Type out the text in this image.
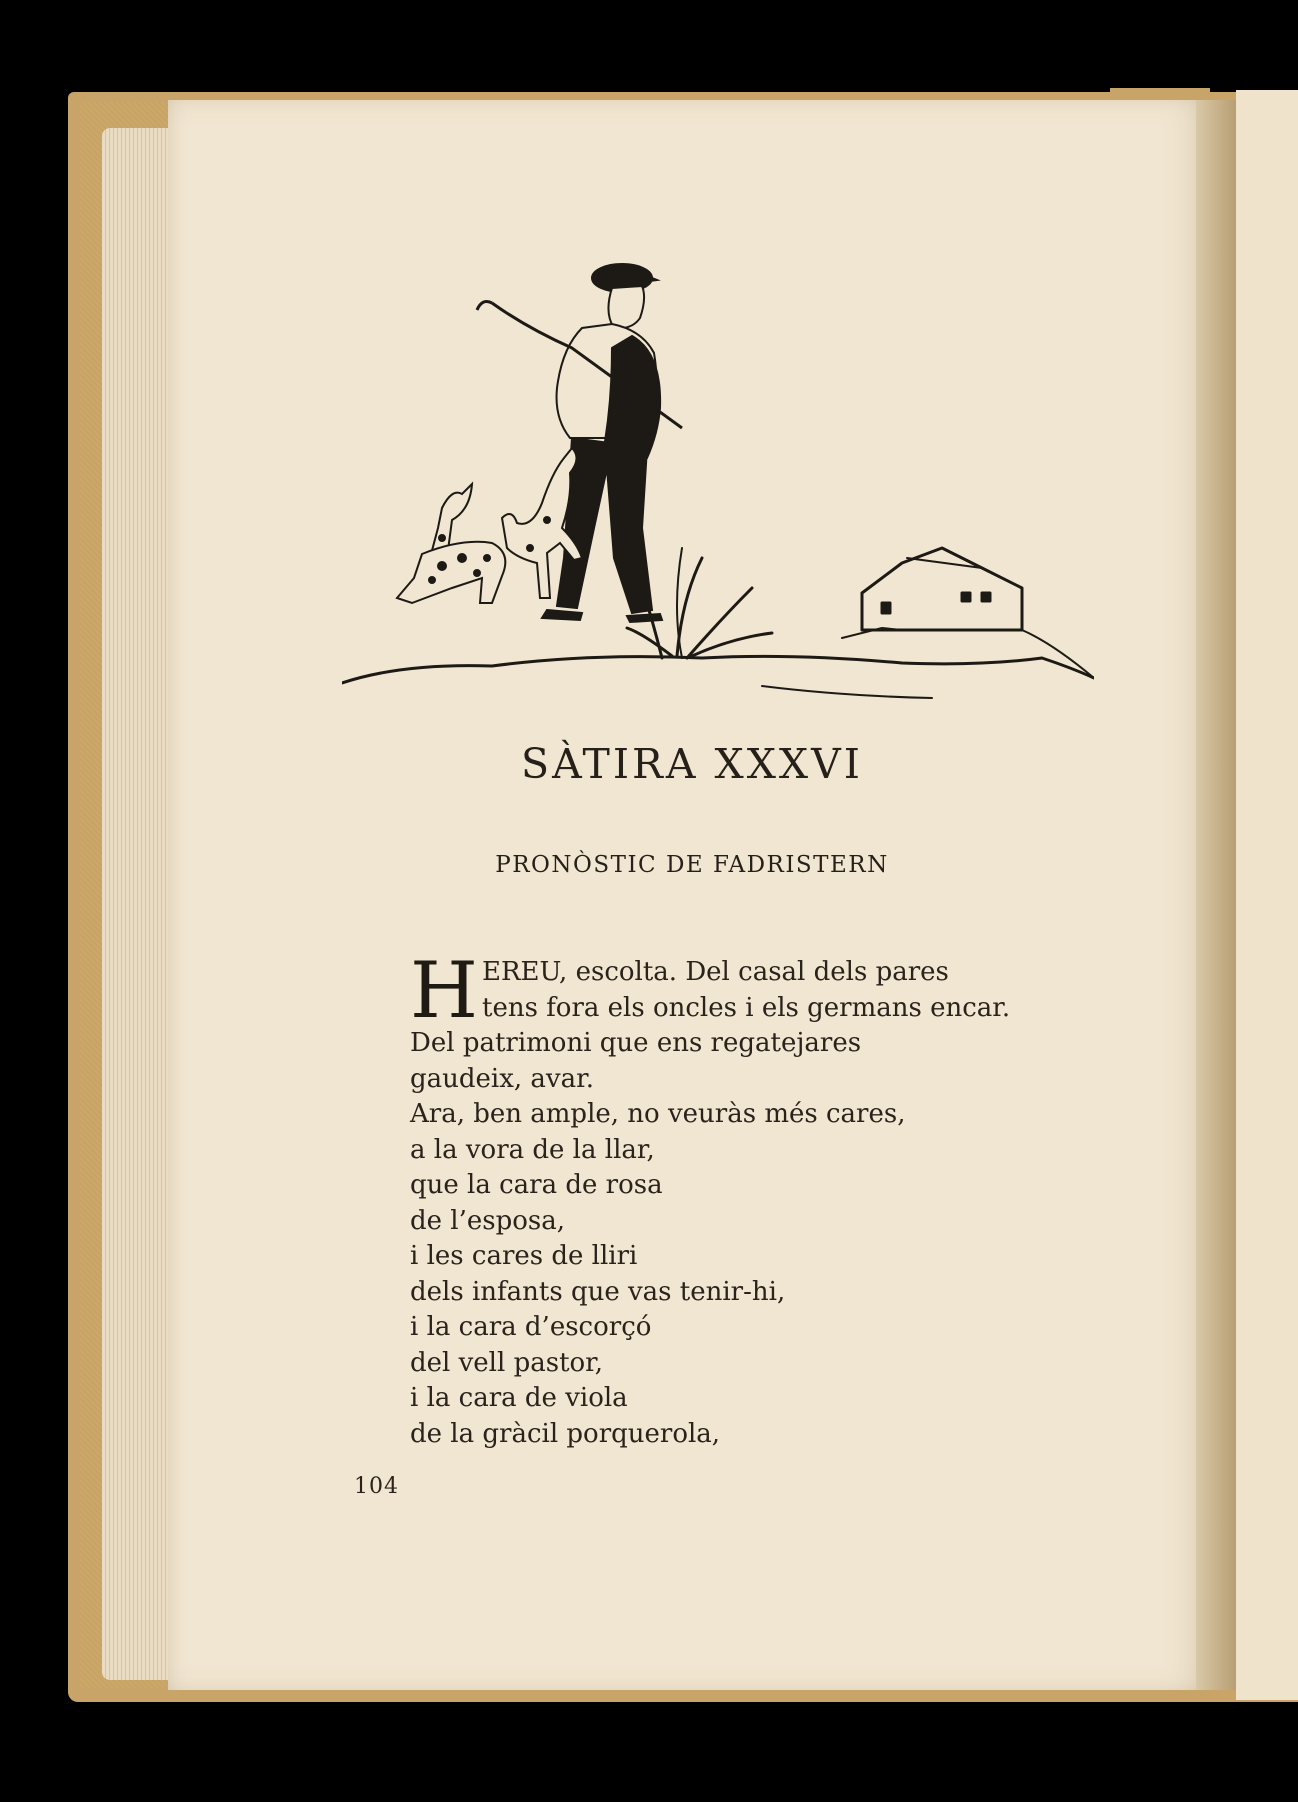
SÀTIRA XXXVI
PRONÒSTIC DE FADRISTERN
H EREU, escolta. Del casal dels pares
tens fora els oncles i els germans encar.
Del patrimoni que ens regatejares
gaudeix, avar.
Ara, ben ample, no veuràs més cares,
a la vora de la llar,
que la cara de rosa
de l’esposa,
i les cares de lliri
dels infants que vas tenir-hi,
i la cara d’escorçó
del vell pastor,
i la cara de viola
de la gràcil porquerola,
104
